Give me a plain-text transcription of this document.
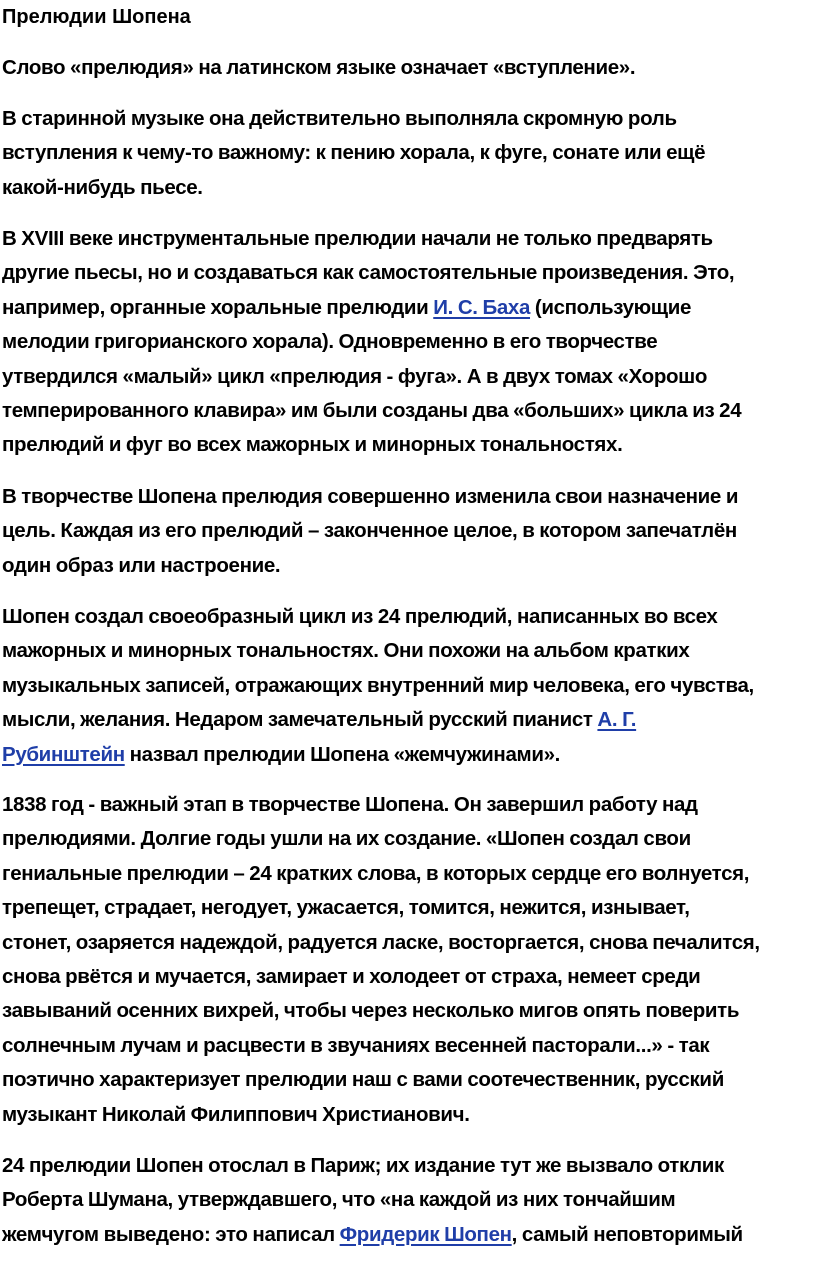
Прелюдии Шопена

Слово «прелюдия» на латинском языке означает «вступление».

В старинной музыке она действительно выполняла скромную роль
вступления к чему-то важному: к пению хорала, к фуге, сонате или ещё
какой-нибудь пьесе.

В XVIII веке инструментальные прелюдии начали не только предварять
другие пьесы, но и создаваться как самостоятельные произведения. Это,
например, органные хоральные прелюдии И. С. Баха (использующие
мелодии григорианского хорала). Одновременно в его творчестве
утвердился «малый» цикл «прелюдия - фуга». А в двух томах «Хорошо
темперированного клавира» им были созданы два «больших» цикла из 24
прелюдий и фуг во всех мажорных и минорных тональностях.

В творчестве Шопена прелюдия совершенно изменила свои назначение и
цель. Каждая из его прелюдий – законченное целое, в котором запечатлён
один образ или настроение.

Шопен создал своеобразный цикл из 24 прелюдий, написанных во всех
мажорных и минорных тональностях. Они похожи на альбом кратких
музыкальных записей, отражающих внутренний мир человека, его чувства,
мысли, желания. Недаром замечательный русский пианист А. Г.
Рубинштейн назвал прелюдии Шопена «жемчужинами».

1838 год - важный этап в творчестве Шопена. Он завершил работу над
прелюдиями. Долгие годы ушли на их создание. «Шопен создал свои
гениальные прелюдии – 24 кратких слова, в которых сердце его волнуется,
трепещет, страдает, негодует, ужасается, томится, нежится, изнывает,
стонет, озаряется надеждой, радуется ласке, восторгается, снова печалится,
снова рвётся и мучается, замирает и холодеет от страха, немеет среди
завываний осенних вихрей, чтобы через несколько мигов опять поверить
солнечным лучам и расцвести в звучаниях весенней пасторали...» - так
поэтично характеризует прелюдии наш с вами соотечественник, русский
музыкант Николай Филиппович Христианович.

24 прелюдии Шопен отослал в Париж; их издание тут же вызвало отклик
Роберта Шумана, утверждавшего, что «на каждой из них тончайшим
жемчугом выведено: это написал Фридерик Шопен, самый неповторимый
